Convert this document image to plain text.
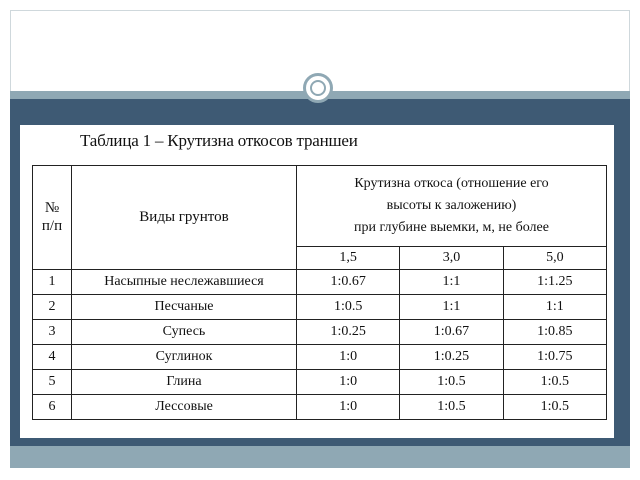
Таблица 1 – Крутизна откосов траншеи
№
п/п	Виды грунтов	Крутизна откоса (отношение его
высоты к заложению)
при глубине выемки, м, не более		
		1,5	3,0	5,0
1	Насыпные неслежавшиеся	1:0.67	1:1	1:1.25
2	Песчаные	1:0.5	1:1	1:1
3	Супесь	1:0.25	1:0.67	1:0.85
4	Суглинок	1:0	1:0.25	1:0.75
5	Глина	1:0	1:0.5	1:0.5
6	Лессовые	1:0	1:0.5	1:0.5
